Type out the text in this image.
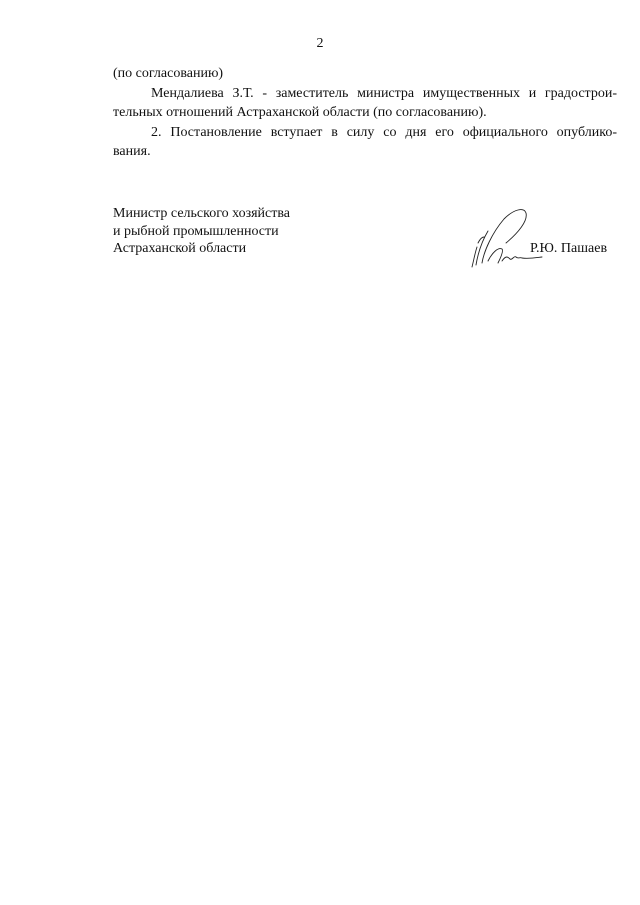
2

(по согласованию)

Мендалиева З.Т. - заместитель министра имущественных и градострои-
тельных отношений Астраханской области (по согласованию).

2. Постановление вступает в силу со дня его официального опублико-
вания.

Министр сельского хозяйства
и рыбной промышленности
Астраханской области	Р.Ю. Пашаев
